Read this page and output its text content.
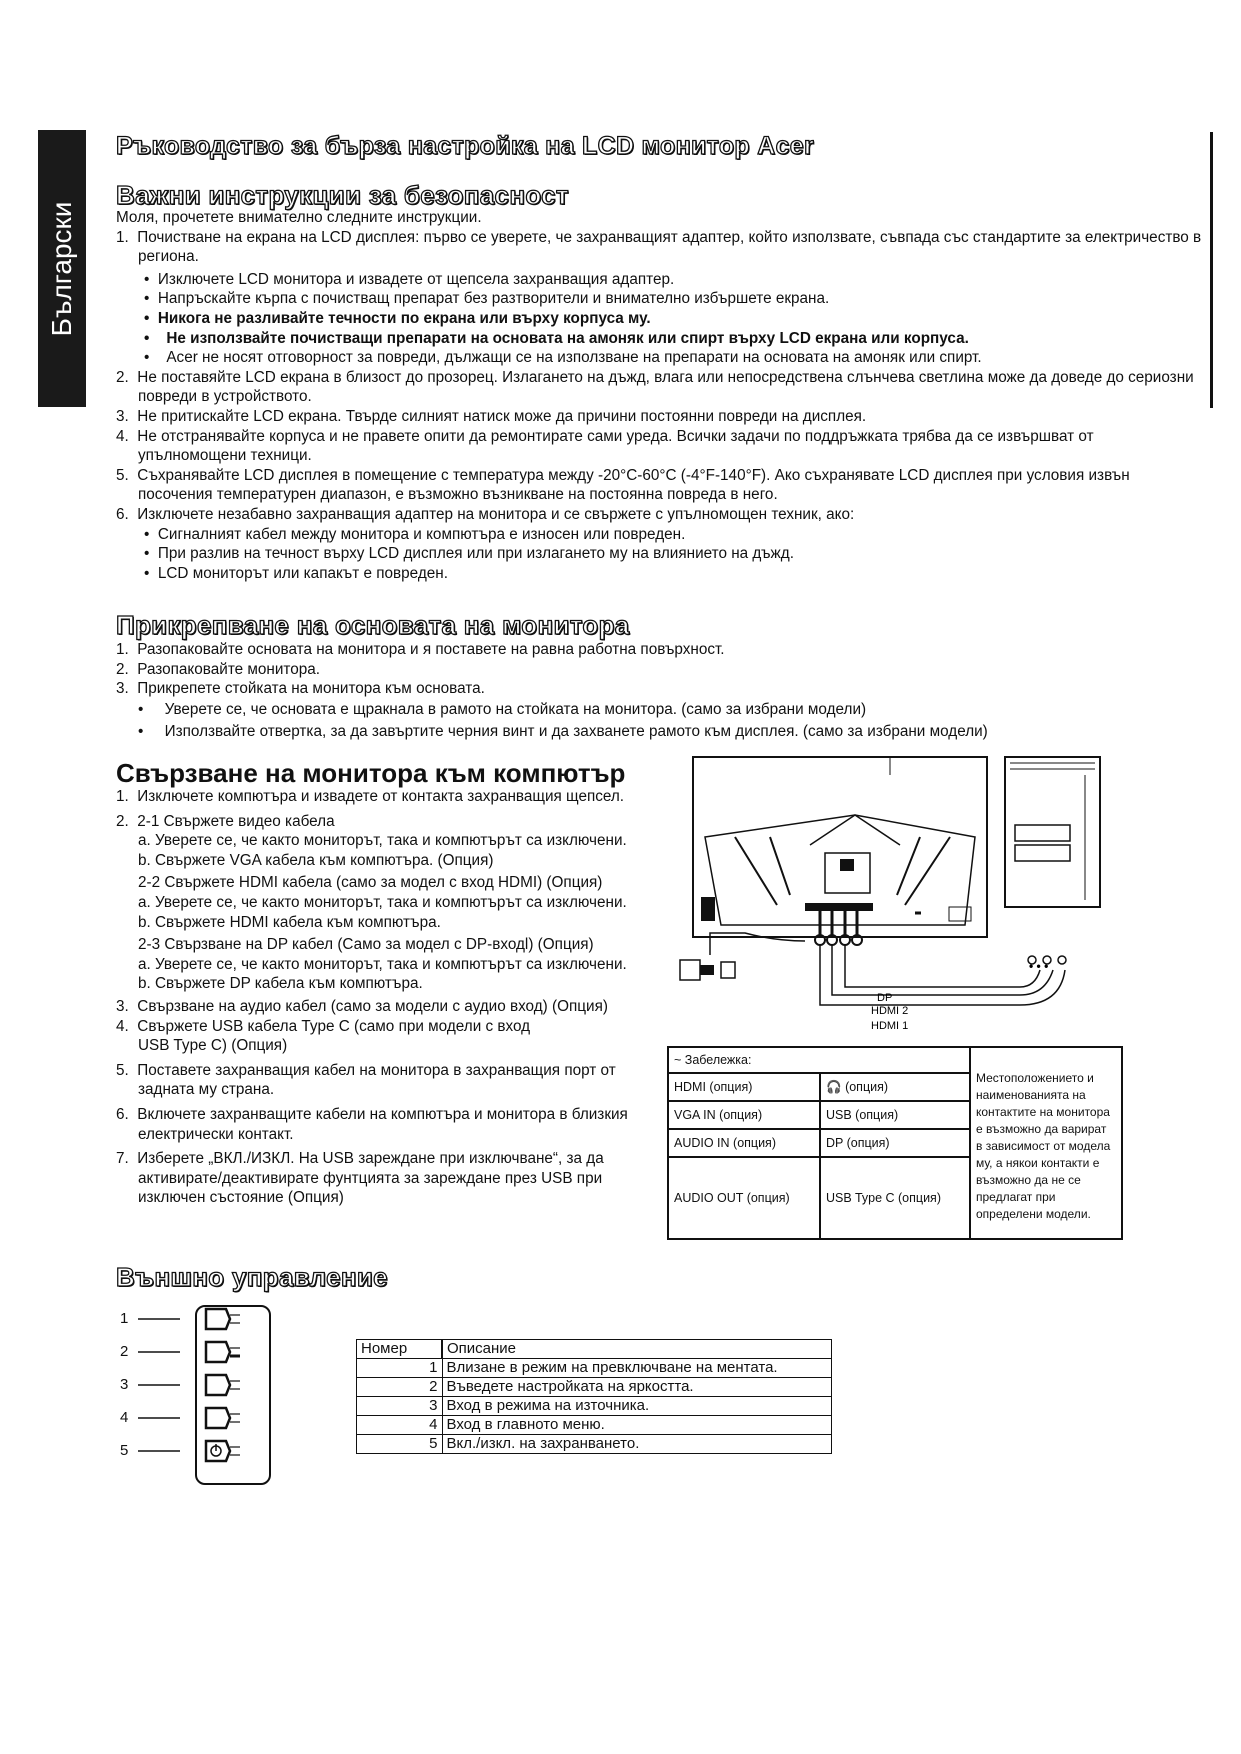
Български
Ръководство за бърза настройка на LCD монитор Acer
Важни инструкции за безопасност

Моля, прочетете внимателно следните инструкции.

1. Почистване на екрана на LCD дисплея: първо се уверете, че захранващият адаптер, който използвате, съвпада със стандартите за електричество в региона.
•  Изключете LCD монитора и извадете от щепсела захранващия адаптер.
•  Напръскайте кърпа с почистващ препарат без разтворители и внимателно избършете екрана.
•  Никога не разливайте течности по екрана или върху корпуса му.
•    Не използвайте почистващи препарати на основата на амоняк или спирт върху LCD екрана или корпуса.
•    Acer не носят отговорност за повреди, дължащи се на използване на препарати на основата на амоняк или спирт.
2. Не поставяйте LCD екрана в близост до прозорец. Излагането на дъжд, влага или непосредствена слънчева светлина може да доведе до сериозни повреди в устройството.
3. Не притискайте LCD екрана. Твърде силният натиск може да причини постоянни повреди на дисплея.
4. Не отстранявайте корпуса и не правете опити да ремонтирате сами уреда. Всички задачи по поддръжката трябва да се извършват от упълномощени техници.
5. Съхранявайте LCD дисплея в помещение с температура между -20°C-60°C (-4°F-140°F). Ако съхранявате LCD дисплея при условия извън посочения температурен диапазон, е възможно възникване на постоянна повреда в него.
6. Изключете незабавно захранващия адаптер на монитора и се свържете с упълномощен техник, ако:
•  Сигналният кабел между монитора и компютъра е износен или повреден.
•  При разлив на течност върху LCD дисплея или при излагането му на влиянието на дъжд.
•  LCD мониторът или капакът е повреден.
Прикрепване на основата на монитора
1. Разопаковайте основата на монитора и я поставете на равна работна повърхност.
2. Разопаковайте монитора.
3. Прикрепете стойката на монитора към основата.
•     Уверете се, че основата е щракнала в рамото на стойката на монитора. (само за избрани модели)
•     Използвайте отвертка, за да завъртите черния винт и да захванете рамото към дисплея. (само за избрани модели)
Свързване на монитора към компютър
1. Изключете компютъра и извадете от контакта захранващия щепсел.
2. 2-1 Свържете видео кабела
a. Уверете се, че както мониторът, така и компютърът са изключени.
b. Свържете VGA кабела към компютъра. (Опция)
2-2 Свържете HDMI кабела (само за модел с вход HDMI) (Опция)
a. Уверете се, че както мониторът, така и компютърът са изключени.
b. Свържете HDMI кабела към компютъра.
2-3 Свързване на DP кабел (Само за модел с DP-входl) (Опция)
a. Уверете се, че както мониторът, така и компютърът са изключени.
b. Свържете DP кабела към компютъра.
3. Свързване на аудио кабел (само за модели с аудио вход) (Опция)
4. Свържете USB кабела Type C (само при модели с вход USB Type C) (Опция)
5. Поставете захранващия кабел на монитора в захранващия порт от задната му страна.
6. Включете захранващите кабели на компютъра и монитора в близкия електрически контакт.
7. Изберете „ВКЛ./ИЗКЛ. На USB зареждане при изключване“, за да активирате/деактивирате фунтцията за зареждане през USB при изключен състояние (Опция)
• • •
DP
HDMI 2
HDMI 1
~ Забележка:		Местоположението и наименованията на контактите на монитора е възможно да варират в зависимост от модела му, а някои контакти е възможно да не се предлагат при определени модели.
HDMI (опция)	🎧 (опция)	
VGA IN (опция)	USB (опция)	
AUDIO IN (опция)	DP (опция)	
AUDIO OUT (опция)	USB Type C (опция)	
Външно управление
1
2
3
4
5
Номер	Описание
1	Влизане в режим на превключване на ментата.
2	Въведете настройката на яркостта.
3	Вход в режима на източника.
4	Вход в главното меню.
5	Вкл./изкл. на захранването.
